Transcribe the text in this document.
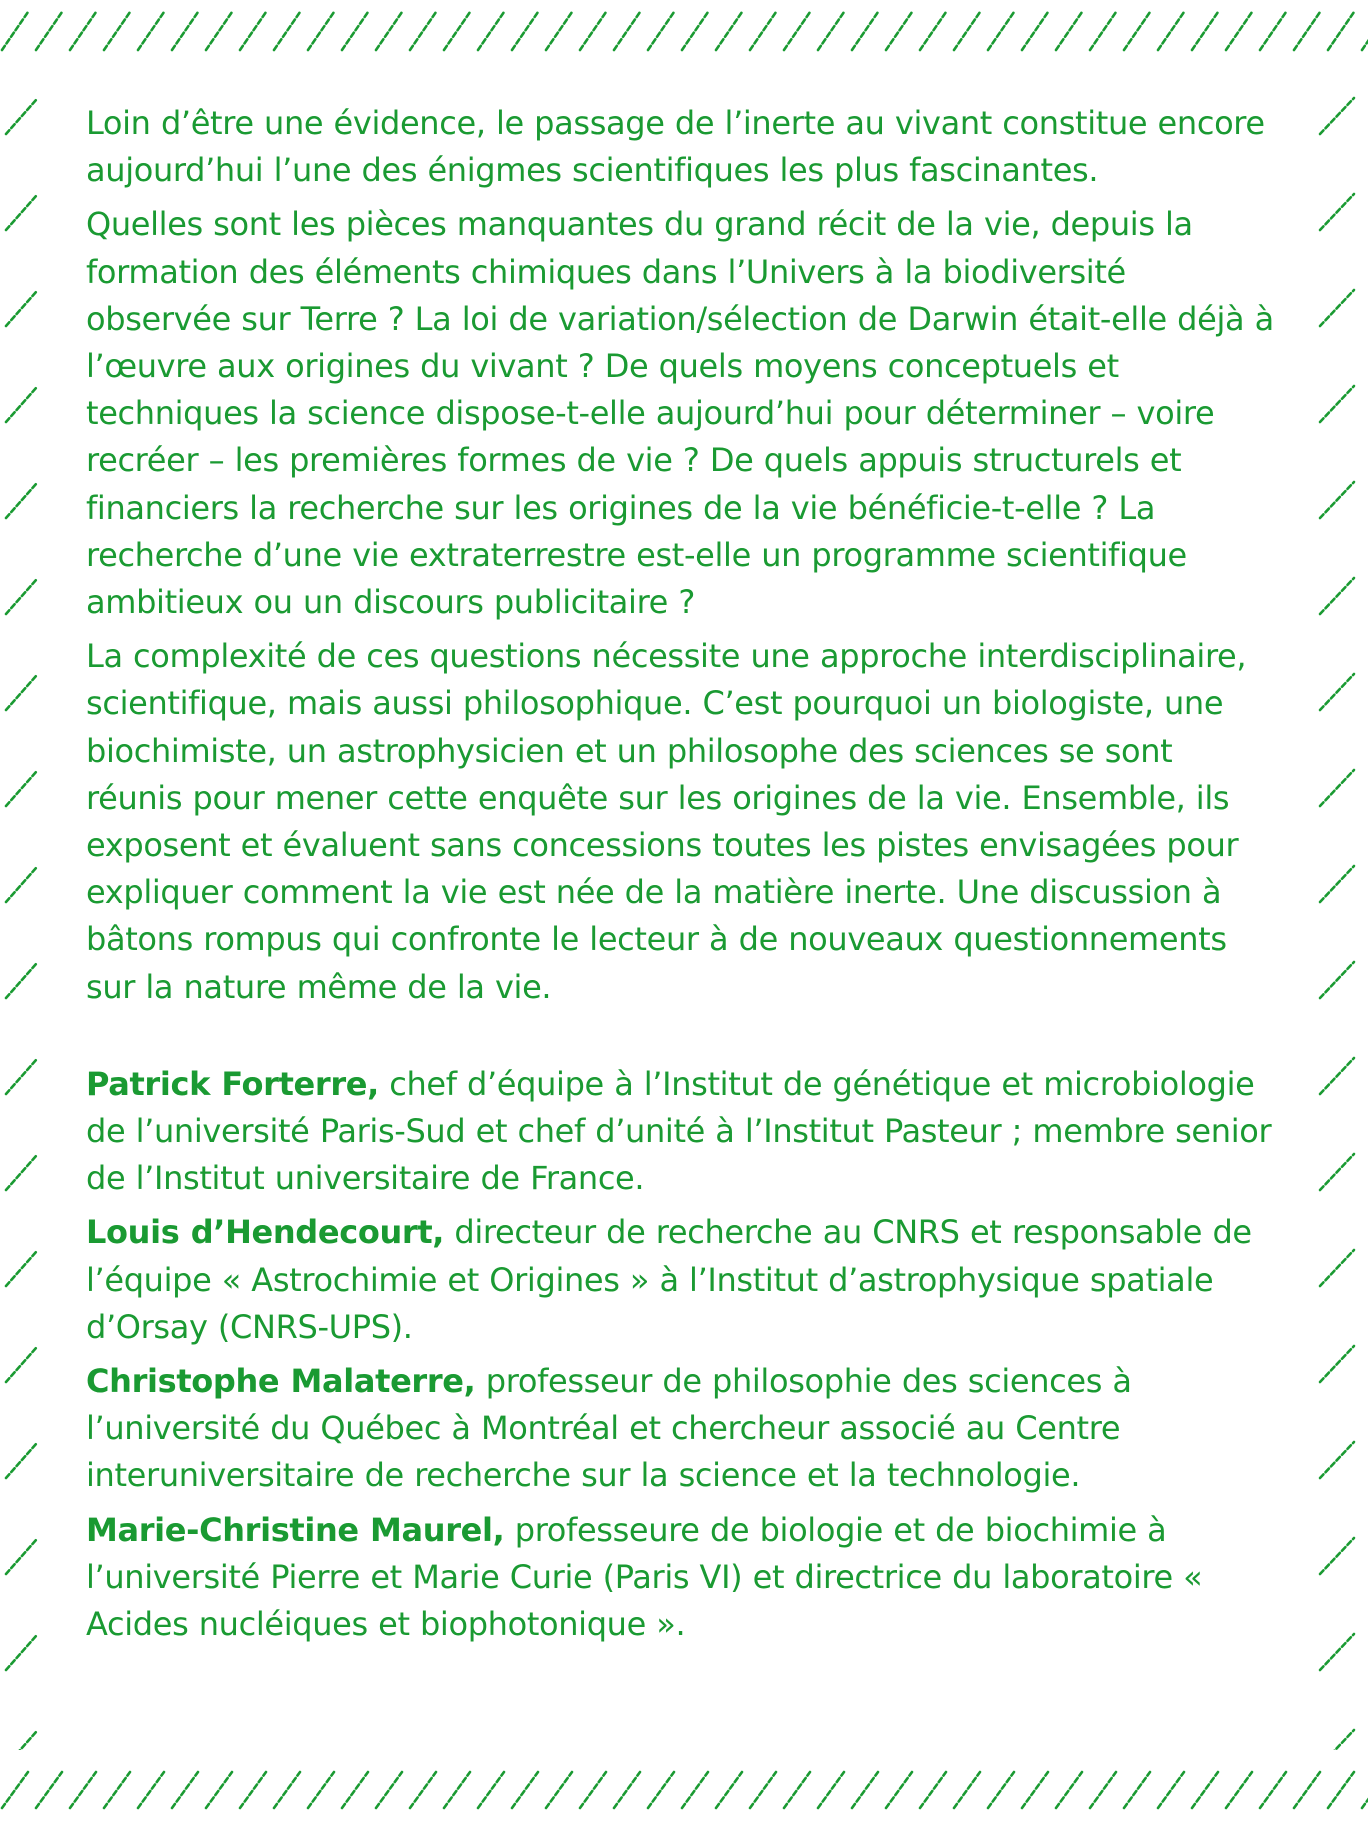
Loin d’être une évidence, le passage de l’inerte au vivant constitue encore aujourd’hui l’une des énigmes scientifiques les plus fascinantes.

Quelles sont les pièces manquantes du grand récit de la vie, depuis la formation des éléments chimiques dans l’Univers à la biodiversité observée sur Terre ? La loi de variation/sélection de Darwin était-elle déjà à l’œuvre aux origines du vivant ? De quels moyens conceptuels et techniques la science dispose-t-elle aujourd’hui pour déterminer – voire recréer – les premières formes de vie ? De quels appuis structurels et financiers la recherche sur les origines de la vie bénéficie-t-elle ? La recherche d’une vie extraterrestre est-elle un programme scientifique ambitieux ou un discours publicitaire ?

La complexité de ces questions nécessite une approche interdisciplinaire, scientifique, mais aussi philosophique. C’est pourquoi un biologiste, une biochimiste, un astrophysicien et un philosophe des sciences se sont réunis pour mener cette enquête sur les origines de la vie. Ensemble, ils exposent et évaluent sans concessions toutes les pistes envisagées pour expliquer comment la vie est née de la matière inerte. Une discussion à bâtons rompus qui confronte le lecteur à de nouveaux questionnements sur la nature même de la vie.

Patrick Forterre, chef d’équipe à l’Institut de génétique et microbiologie de l’université Paris-Sud et chef d’unité à l’Institut Pasteur ; membre senior de l’Institut universitaire de France.

Louis d’Hendecourt, directeur de recherche au CNRS et responsable de l’équipe « Astrochimie et Origines » à l’Institut d’astrophysique spatiale d’Orsay (CNRS-UPS).

Christophe Malaterre, professeur de philosophie des sciences à l’université du Québec à Montréal et chercheur associé au Centre interuniversitaire de recherche sur la science et la technologie.

Marie-Christine Maurel, professeure de biologie et de biochimie à l’université Pierre et Marie Curie (Paris VI) et directrice du laboratoire « Acides nucléiques et biophotonique ».
